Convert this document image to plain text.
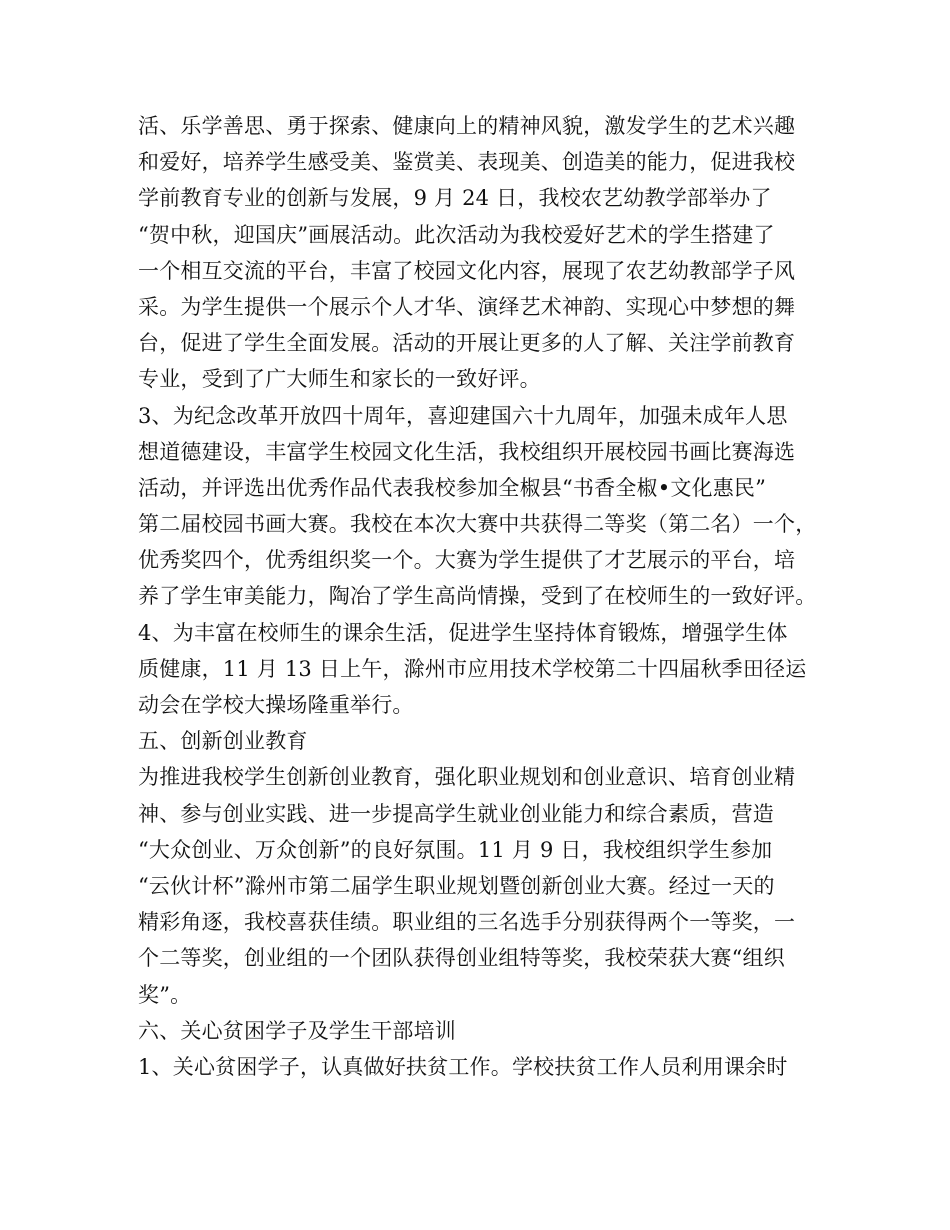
活、乐学善思、勇于探索、健康向上的精神风貌，激发学生的艺术兴趣
和爱好，培养学生感受美、鉴赏美、表现美、创造美的能力，促进我校
学前教育专业的创新与发展，9 月 24 日，我校农艺幼教学部举办了
“贺中秋，迎国庆”画展活动。此次活动为我校爱好艺术的学生搭建了
一个相互交流的平台，丰富了校园文化内容，展现了农艺幼教部学子风
采。为学生提供一个展示个人才华、演绎艺术神韵、实现心中梦想的舞
台，促进了学生全面发展。活动的开展让更多的人了解、关注学前教育
专业，受到了广大师生和家长的一致好评。
3、为纪念改革开放四十周年，喜迎建国六十九周年，加强未成年人思
想道德建设，丰富学生校园文化生活，我校组织开展校园书画比赛海选
活动，并评选出优秀作品代表我校参加全椒县“书香全椒•文化惠民”
第二届校园书画大赛。我校在本次大赛中共获得二等奖（第二名）一个，
优秀奖四个，优秀组织奖一个。大赛为学生提供了才艺展示的平台，培
养了学生审美能力，陶冶了学生高尚情操，受到了在校师生的一致好评。
4、为丰富在校师生的课余生活，促进学生坚持体育锻炼，增强学生体
质健康，11 月 13 日上午，滁州市应用技术学校第二十四届秋季田径运
动会在学校大操场隆重举行。
五、创新创业教育
为推进我校学生创新创业教育，强化职业规划和创业意识、培育创业精
神、参与创业实践、进一步提高学生就业创业能力和综合素质，营造
“大众创业、万众创新”的良好氛围。11 月 9 日，我校组织学生参加
“云伙计杯”滁州市第二届学生职业规划暨创新创业大赛。经过一天的
精彩角逐，我校喜获佳绩。职业组的三名选手分别获得两个一等奖，一
个二等奖，创业组的一个团队获得创业组特等奖，我校荣获大赛“组织
奖”。
六、关心贫困学子及学生干部培训
1、关心贫困学子，认真做好扶贫工作。学校扶贫工作人员利用课余时
